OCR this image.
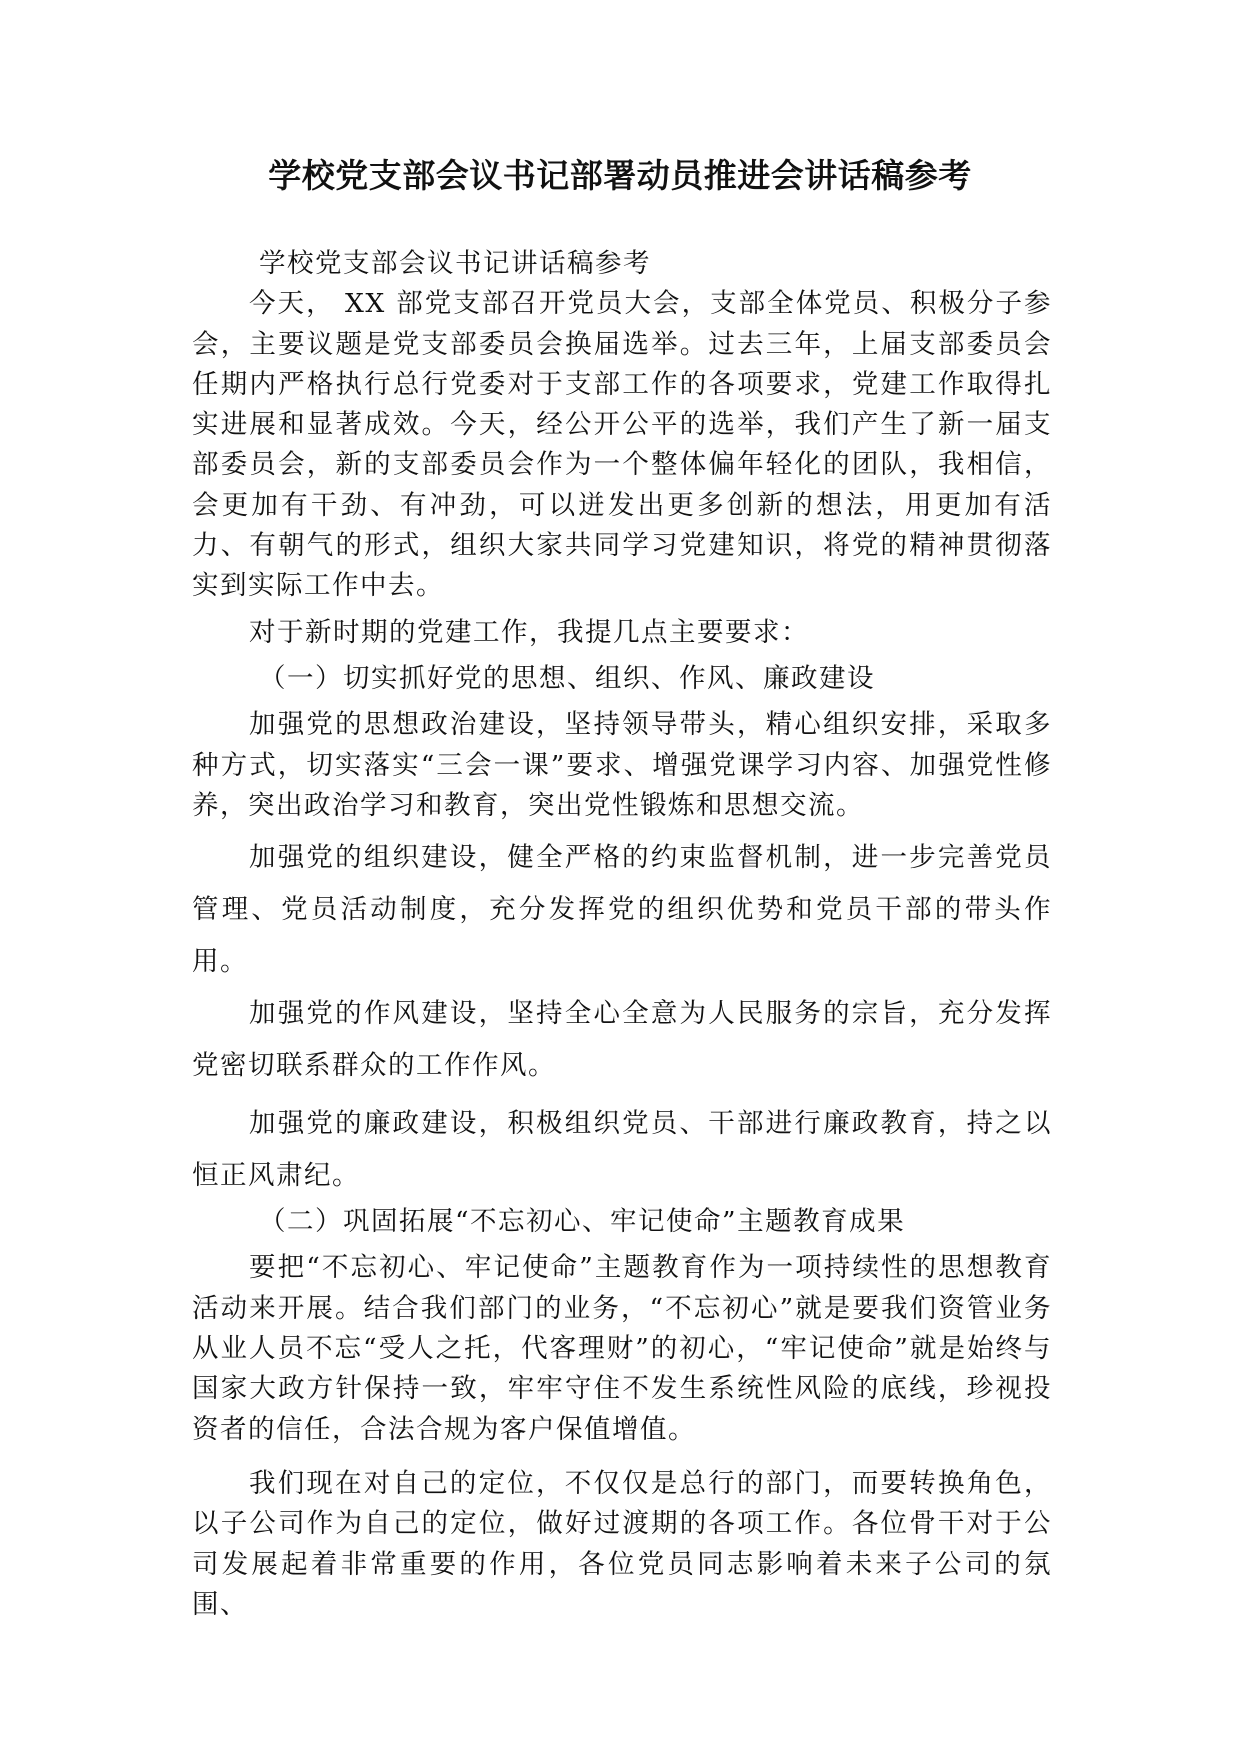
学校党支部会议书记部署动员推进会讲话稿参考

学校党支部会议书记讲话稿参考

今天， XX 部党支部召开党员大会，支部全体党员、积极分子参会，主要议题是党支部委员会换届选举。过去三年，上届支部委员会任期内严格执行总行党委对于支部工作的各项要求，党建工作取得扎实进展和显著成效。今天，经公开公平的选举，我们产生了新一届支部委员会，新的支部委员会作为一个整体偏年轻化的团队，我相信，会更加有干劲、有冲劲，可以迸发出更多创新的想法，用更加有活力、有朝气的形式，组织大家共同学习党建知识，将党的精神贯彻落实到实际工作中去。

对于新时期的党建工作，我提几点主要要求：

（一）切实抓好党的思想、组织、作风、廉政建设

加强党的思想政治建设，坚持领导带头，精心组织安排，采取多种方式，切实落实“三会一课”要求、增强党课学习内容、加强党性修养，突出政治学习和教育，突出党性锻炼和思想交流。

加强党的组织建设，健全严格的约束监督机制，进一步完善党员管理、党员活动制度，充分发挥党的组织优势和党员干部的带头作用。

加强党的作风建设，坚持全心全意为人民服务的宗旨，充分发挥党密切联系群众的工作作风。

加强党的廉政建设，积极组织党员、干部进行廉政教育，持之以恒正风肃纪。

（二）巩固拓展“不忘初心、牢记使命”主题教育成果

要把“不忘初心、牢记使命”主题教育作为一项持续性的思想教育活动来开展。结合我们部门的业务，“不忘初心”就是要我们资管业务从业人员不忘“受人之托，代客理财”的初心，“牢记使命”就是始终与国家大政方针保持一致，牢牢守住不发生系统性风险的底线，珍视投资者的信任，合法合规为客户保值增值。

我们现在对自己的定位，不仅仅是总行的部门，而要转换角色，以子公司作为自己的定位，做好过渡期的各项工作。各位骨干对于公司发展起着非常重要的作用，各位党员同志影响着未来子公司的氛围、
